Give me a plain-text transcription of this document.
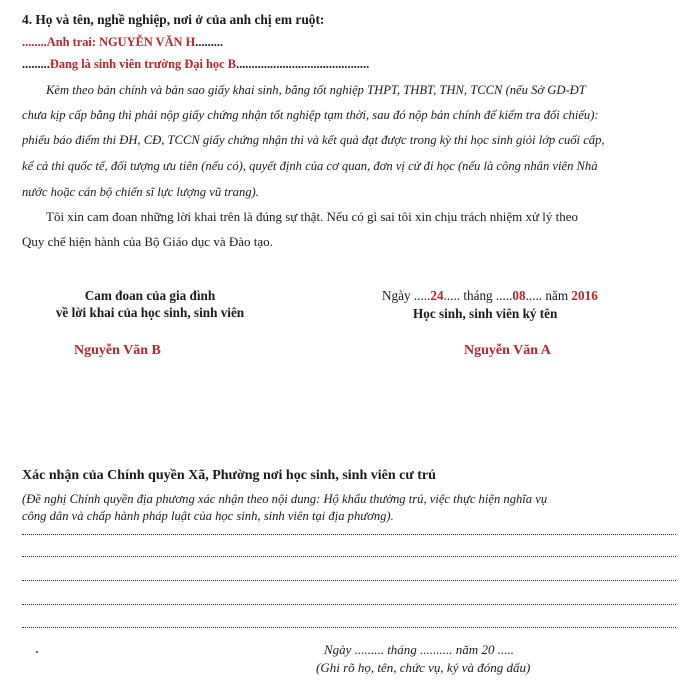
4. Họ và tên, nghề nghiệp, nơi ở của anh chị em ruột:
........Anh trai: NGUYỄN VĂN H.........
.........Đang là sinh viên trường Đại học B...........................................
Kèm theo bản chính và bản sao giấy khai sinh, bằng tốt nghiệp THPT, THBT, THN, TCCN (nếu Sở GD-ĐT
chưa kịp cấp bằng thì phải nộp giấy chứng nhận tốt nghiệp tạm thời, sau đó nộp bản chính để kiểm tra đối chiếu):
phiếu báo điểm thi ĐH, CĐ, TCCN giấy chứng nhận thi và kết quả đạt được trong kỳ thi học sinh giỏi lớp cuối cấp,
kể cả thi quốc tế, đối tượng ưu tiên (nếu có), quyết định của cơ quan, đơn vị cử đi học (nếu là công nhân viên Nhà
nước hoặc cán bộ chiến sĩ lực lượng vũ trang).
Tôi xin cam đoan những lời khai trên là đúng sự thật. Nếu có gì sai tôi xin chịu trách nhiệm xử lý theo
Quy chế hiện hành của Bộ Giáo dục và Đào tạo.
Cam đoan của gia đình
về lời khai của học sinh, sinh viên
Nguyễn Văn B
Ngày .....24..... tháng .....08..... năm 2016
Học sinh, sinh viên ký tên
Nguyễn Văn A
Xác nhận của Chính quyền Xã, Phường nơi học sinh, sinh viên cư trú
(Đề nghị Chính quyền địa phương xác nhận theo nội dung: Hộ khẩu thường trú, việc thực hiện nghĩa vụ
công dân và chấp hành pháp luật của học sinh, sinh viên tại địa phương).
Ngày ......... tháng .......... năm 20 .....
(Ghi rõ họ, tên, chức vụ, ký và đóng dấu)
